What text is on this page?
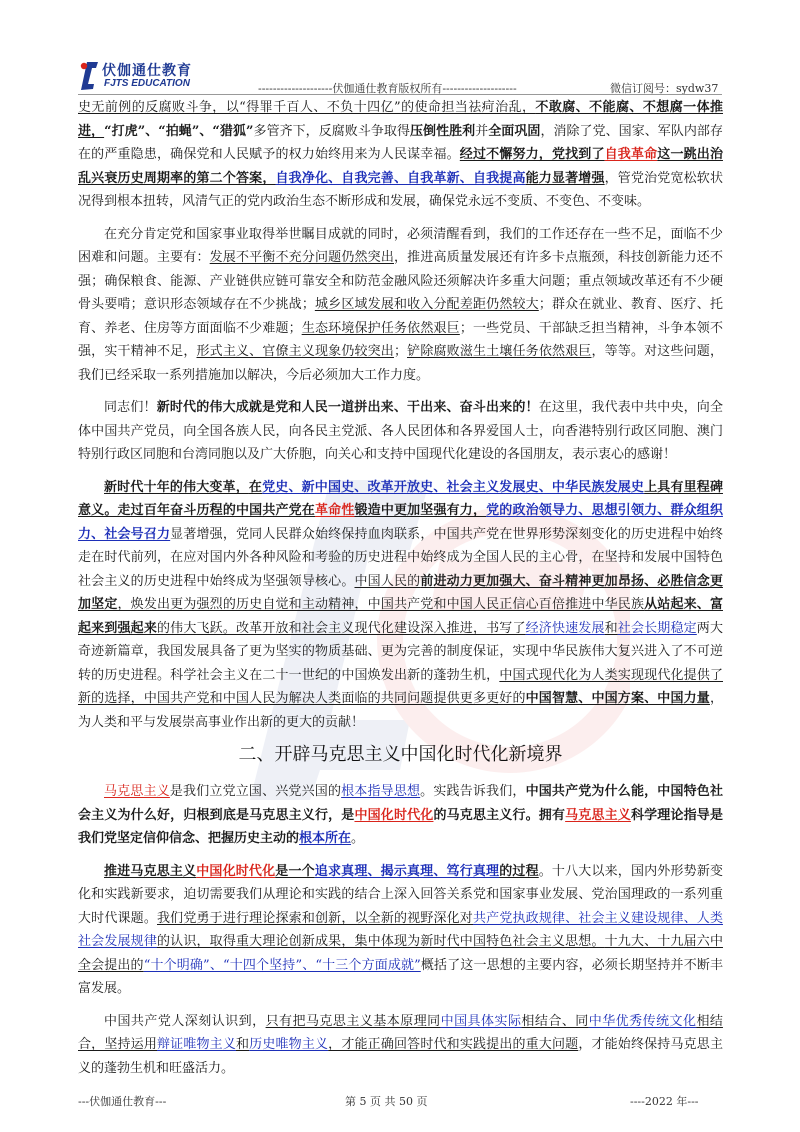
伏伽通仕教育
FJTS EDUCATION	--------------------伏伽通仕教育版权所有--------------------	微信订阅号：sydw37

史无前例的反腐败斗争，以“得罪千百人、不负十四亿”的使命担当祛疴治乱，不敢腐、不能腐、不想腐一体推进，“打虎”、“拍蝇”、“猎狐”多管齐下，反腐败斗争取得压倒性胜利并全面巩固，消除了党、国家、军队内部存在的严重隐患，确保党和人民赋予的权力始终用来为人民谋幸福。经过不懈努力，党找到了自我革命这一跳出治乱兴衰历史周期率的第二个答案，自我净化、自我完善、自我革新、自我提高能力显著增强，管党治党宽松软状况得到根本扭转，风清气正的党内政治生态不断形成和发展，确保党永远不变质、不变色、不变味。

在充分肯定党和国家事业取得举世瞩目成就的同时，必须清醒看到，我们的工作还存在一些不足，面临不少困难和问题。主要有：发展不平衡不充分问题仍然突出，推进高质量发展还有许多卡点瓶颈，科技创新能力还不强；确保粮食、能源、产业链供应链可靠安全和防范金融风险还须解决许多重大问题；重点领域改革还有不少硬骨头要啃；意识形态领域存在不少挑战；城乡区域发展和收入分配差距仍然较大；群众在就业、教育、医疗、托育、养老、住房等方面面临不少难题；生态环境保护任务依然艰巨；一些党员、干部缺乏担当精神，斗争本领不强，实干精神不足，形式主义、官僚主义现象仍较突出；铲除腐败滋生土壤任务依然艰巨，等等。对这些问题，我们已经采取一系列措施加以解决，今后必须加大工作力度。

同志们！新时代的伟大成就是党和人民一道拼出来、干出来、奋斗出来的！在这里，我代表中共中央，向全体中国共产党员，向全国各族人民，向各民主党派、各人民团体和各界爱国人士，向香港特别行政区同胞、澳门特别行政区同胞和台湾同胞以及广大侨胞，向关心和支持中国现代化建设的各国朋友，表示衷心的感谢！

新时代十年的伟大变革，在党史、新中国史、改革开放史、社会主义发展史、中华民族发展史上具有里程碑意义。走过百年奋斗历程的中国共产党在革命性锻造中更加坚强有力，党的政治领导力、思想引领力、群众组织力、社会号召力显著增强，党同人民群众始终保持血肉联系，中国共产党在世界形势深刻变化的历史进程中始终走在时代前列，在应对国内外各种风险和考验的历史进程中始终成为全国人民的主心骨，在坚持和发展中国特色社会主义的历史进程中始终成为坚强领导核心。中国人民的前进动力更加强大、奋斗精神更加昂扬、必胜信念更加坚定，焕发出更为强烈的历史自觉和主动精神，中国共产党和中国人民正信心百倍推进中华民族从站起来、富起来到强起来的伟大飞跃。改革开放和社会主义现代化建设深入推进，书写了经济快速发展和社会长期稳定两大奇迹新篇章，我国发展具备了更为坚实的物质基础、更为完善的制度保证，实现中华民族伟大复兴进入了不可逆转的历史进程。科学社会主义在二十一世纪的中国焕发出新的蓬勃生机，中国式现代化为人类实现现代化提供了新的选择，中国共产党和中国人民为解决人类面临的共同问题提供更多更好的中国智慧、中国方案、中国力量，为人类和平与发展崇高事业作出新的更大的贡献！

二、开辟马克思主义中国化时代化新境界

马克思主义是我们立党立国、兴党兴国的根本指导思想。实践告诉我们，中国共产党为什么能，中国特色社会主义为什么好，归根到底是马克思主义行，是中国化时代化的马克思主义行。拥有马克思主义科学理论指导是我们党坚定信仰信念、把握历史主动的根本所在。

推进马克思主义中国化时代化是一个追求真理、揭示真理、笃行真理的过程。十八大以来，国内外形势新变化和实践新要求，迫切需要我们从理论和实践的结合上深入回答关系党和国家事业发展、党治国理政的一系列重大时代课题。我们党勇于进行理论探索和创新，以全新的视野深化对共产党执政规律、社会主义建设规律、人类社会发展规律的认识，取得重大理论创新成果，集中体现为新时代中国特色社会主义思想。十九大、十九届六中全会提出的“十个明确”、“十四个坚持”、“十三个方面成就”概括了这一思想的主要内容，必须长期坚持并不断丰富发展。

中国共产党人深刻认识到，只有把马克思主义基本原理同中国具体实际相结合、同中华优秀传统文化相结合，坚持运用辩证唯物主义和历史唯物主义，才能正确回答时代和实践提出的重大问题，才能始终保持马克思主义的蓬勃生机和旺盛活力。

---伏伽通仕教育---	第 5 页 共 50 页	----2022 年---
